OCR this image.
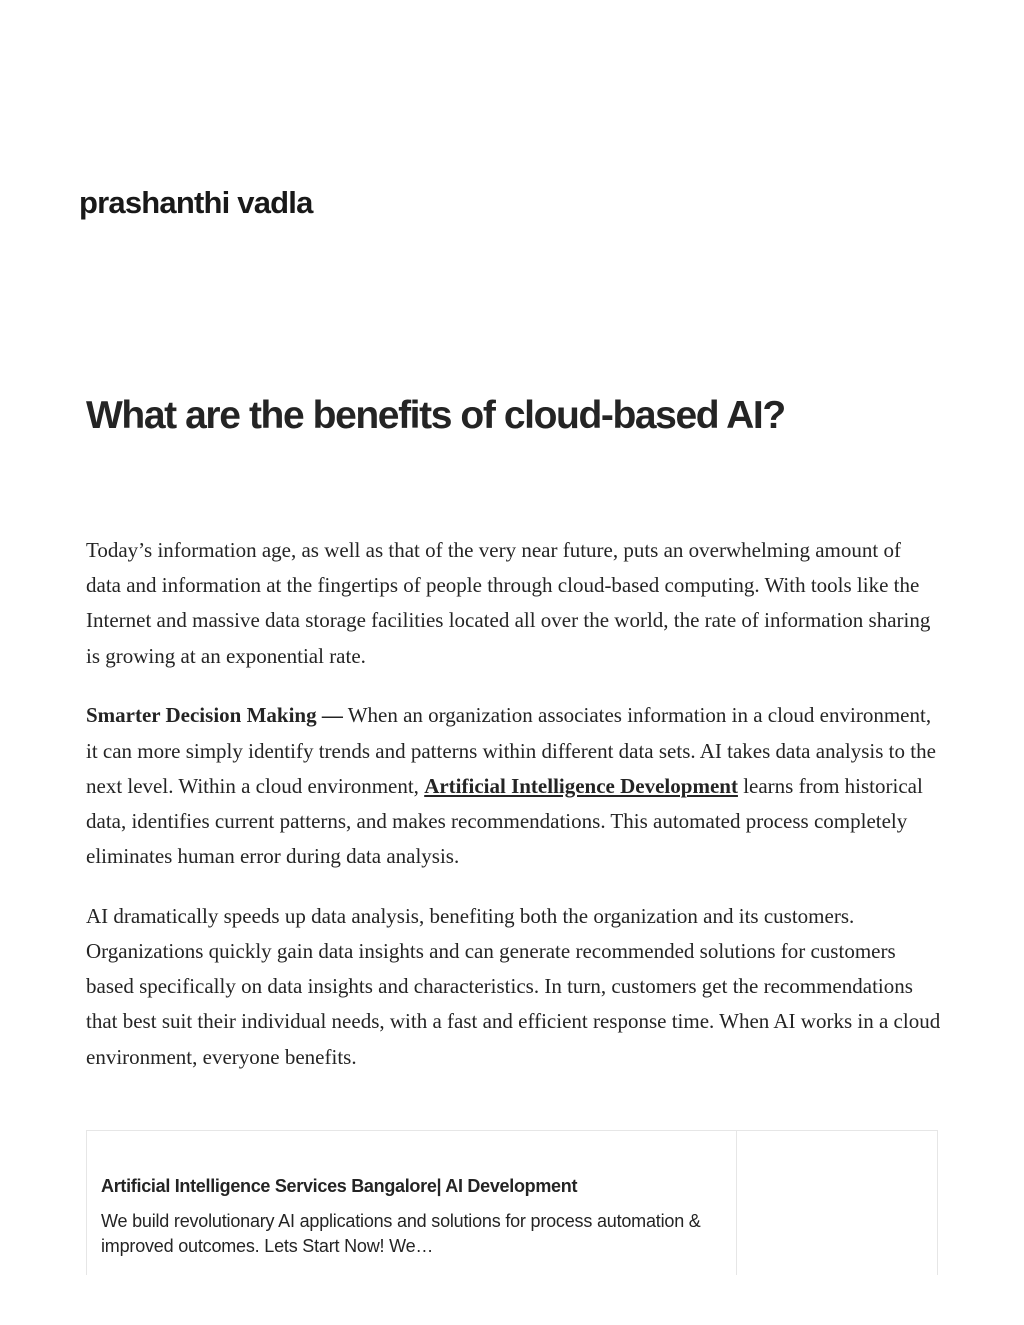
prashanthi vadla
What are the benefits of cloud-based AI?

Today’s information age, as well as that of the very near future, puts an overwhelming amount of data and information at the fingertips of people through cloud-based computing. With tools like the Internet and massive data storage facilities located all over the world, the rate of information sharing is growing at an exponential rate.

Smarter Decision Making — When an organization associates information in a cloud environment, it can more simply identify trends and patterns within different data sets. AI takes data analysis to the next level. Within a cloud environment, Artificial Intelligence Development learns from historical data, identifies current patterns, and makes recommendations. This automated process completely eliminates human error during data analysis.

AI dramatically speeds up data analysis, benefiting both the organization and its customers. Organizations quickly gain data insights and can generate recommended solutions for customers based specifically on data insights and characteristics. In turn, customers get the recommendations that best suit their individual needs, with a fast and efficient response time. When AI works in a cloud environment, everyone benefits.

Artificial Intelligence Services Bangalore| AI Development
We build revolutionary AI applications and solutions for process automation & improved outcomes. Lets Start Now! We…
